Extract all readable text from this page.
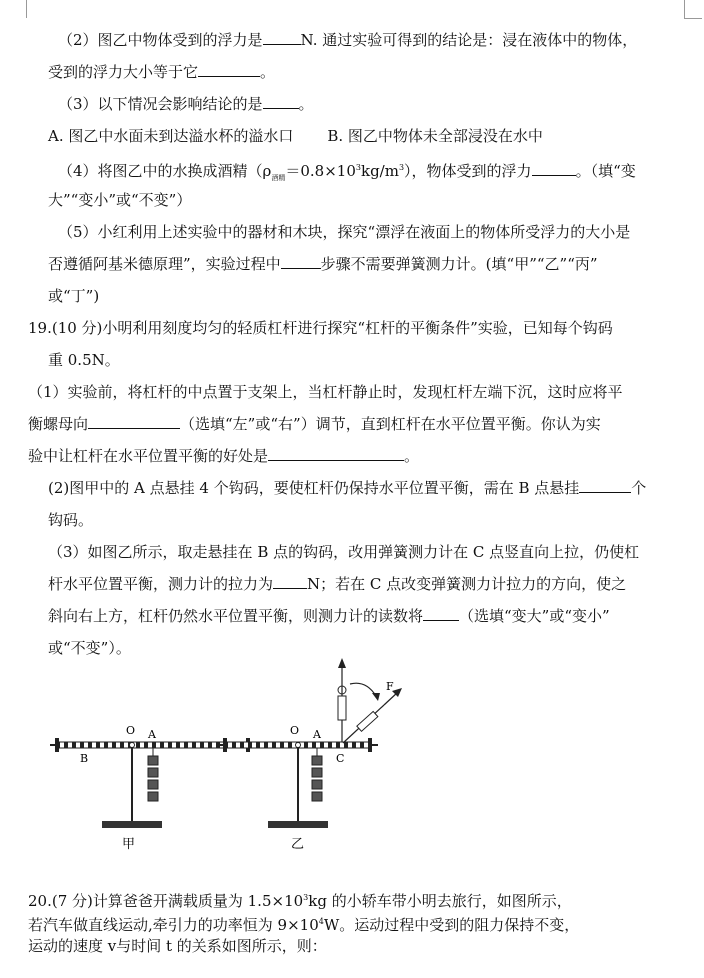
（2）图乙中物体受到的浮力是	N. 通过实验可得到的结论是：浸在液体中的物体，
受到的浮力大小等于它	。
（3）以下情况会影响结论的是 。
A. 图乙中水面未到达溢水杯的溢水口 B. 图乙中物体未全部浸没在水中
（4）将图乙中的水换成酒精$(\rho_{酒精}=0.8\times 10^3kg/m^3)$，物体受到的浮力	。（填“变
大”“变小”或“不变”）
（5）小红利用上述实验中的器材和木块，探究“漂浮在液面上的物体所受浮力的大小是
否遵循阿基米德原理”，实验过程中	步骤不需要弹簧测力计。(填“甲”“乙”“丙”
或“丁”)
19.(10 分)小明利用刻度均匀的轻质杠杆进行探究“杠杆的平衡条件”实验，已知每个钩码
重 0.5N。
（1）实验前，将杠杆的中点置于支架上，当杠杆静止时，发现杠杆左端下沉，这时应将平
衡螺母向	（选填“左”或“右”）调节，直到杠杆在水平位置平衡。你认为实
验中让杠杆在水平位置平衡的好处是	。
(2)图甲中的 A 点悬挂 4 个钩码，要使杠杆仍保持水平位置平衡，需在 B 点悬挂	个
钩码。
（3）如图乙所示，取走悬挂在 B 点的钩码，改用弹簧测力计在 C 点竖直向上拉，仍使杠
杆水平位置平衡，测力计的拉力为 N；若在 C 点改变弹簧测力计拉力的方向，使之
斜向右上方，杠杆仍然水平位置平衡，则测力计的读数将 （选填“变大”或“变小”
或“不变”）。
O A
B
甲
O A
C
F
乙
20.(7 分)计算爸爸开满载质量为 $1.5\times 10^3kg$ 的小轿车带小明去旅行，如图所示，
若汽车做直线运动,牵引力的功率恒为 $9\times 10^4W$。运动过程中受到的阻力保持不变，
运动的速度 v与时间 t 的关系如图所示，则：
